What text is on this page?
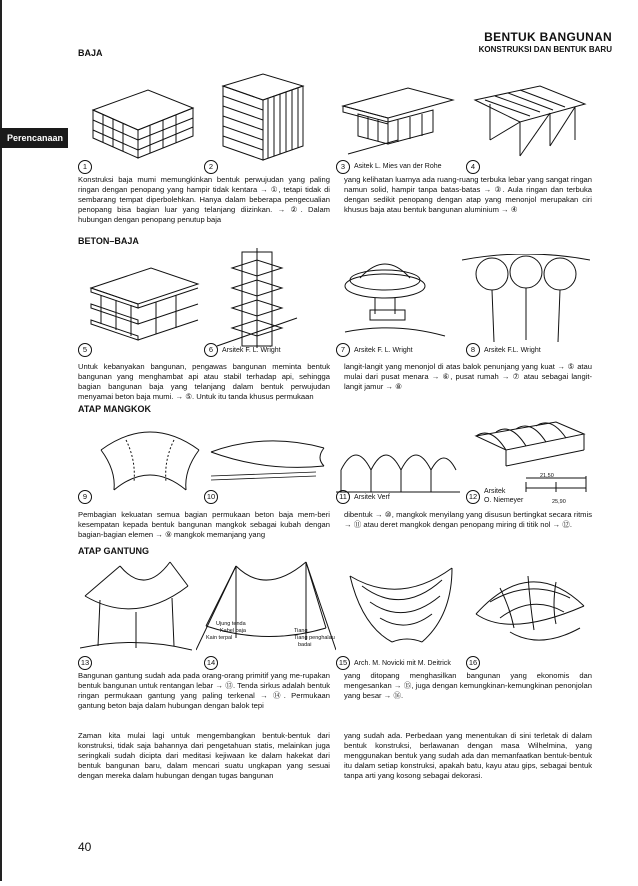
BENTUK BANGUNAN
KONSTRUKSI DAN BENTUK BARU
Perencanaan
BAJA
1	2	3	Asitek L. Mies van der Rohe	4
Konstruksi baja mumi memungkinkan bentuk perwujudan yang paling ringan dengan penopang yang hampir tidak kentara → ①, tetapi tidak di sembarang tempat diperbolehkan. Hanya dalam beberapa pengecualian penopang bisa bagian luar yang telanjang diizinkan. → ②. Dalam hubungan dengan penopang penutup baja
yang kelihatan luarnya ada ruang-ruang terbuka lebar yang sangat ringan namun solid, hampir tanpa batas-batas → ③. Aula ringan dan terbuka dengan sedikit penopang dengan atap yang menonjol merupakan ciri khusus baja atau bentuk bangunan aluminium → ④
BETON–BAJA
5	6	Arsitek F. L. Wright	7	Arsitek F. L. Wright	8	Arsitek F.L. Wright
Untuk kebanyakan bangunan, pengawas bangunan meminta bentuk bangunan yang menghambat api atau stabil terhadap api, sehingga bagian bangunan baja yang telanjang dalam bentuk perwujudan menyamai beton baja mumi. → ⑤. Untuk itu tanda khusus permukaan
langit-langit yang menonjol di atas balok penunjang yang kuat → ⑤ atau mulai dari pusat menara → ⑥, pusat rumah → ⑦ atau sebagai langit-langit jamur → ⑧
ATAP MANGKOK
21,50
25,90
9	10	11	Arsitek Verf	12
Arsitek
O. Niemeyer
Pembagian kekuatan semua bagian permukaan beton baja mem-beri kesempatan kepada bentuk bangunan mangkok sebagai kubah dengan bagian-bagian elemen → ⑨ mangkok memanjang yang
dibentuk → ⑩, mangkok menyilang yang disusun bertingkat secara ritmis → ⑪ atau deret mangkok dengan penopang miring di titik nol → ⑫.
ATAP GANTUNG
Ujung tenda
Kabel baja
Kain terpal
Tiang
Tiang penghalau
badai
13	14	15 Arch. M. Novicki mit M. Deitrick	16
Bangunan gantung sudah ada pada orang-orang primitif yang me-rupakan bentuk bangunan untuk rentangan lebar → ⑬. Tenda sirkus adalah bentuk ringan permukaan gantung yang paling terkenal → ⑭. Permukaan gantung beton baja dalam hubungan dengan balok tepi
yang ditopang menghasilkan bangunan yang ekonomis dan mengesankan → ⑮, juga dengan kemungkinan-kemungkinan penonjolan yang besar → ⑯.
Zaman kita mulai lagi untuk mengembangkan bentuk-bentuk dari konstruksi, tidak saja bahannya dari pengetahuan statis, melainkan juga seringkali sudah dicipta dari meditasi kejiwaan ke dalam hakekat dari bentuk bangunan baru, dalam mencari suatu ungkapan yang sesuai dengan mereka dalam hubungan dengan tugas bangunan
yang sudah ada. Perbedaan yang menentukan di sini terletak di dalam bentuk konstruksi, berlawanan dengan masa Wilhelmina, yang menggunakan bentuk yang sudah ada dan memanfaatkan bentuk-bentuk itu dalam setiap konstruksi, apakah batu, kayu atau gips, sebagai bentuk tanpa arti yang kosong sebagai dekorasi.
40
